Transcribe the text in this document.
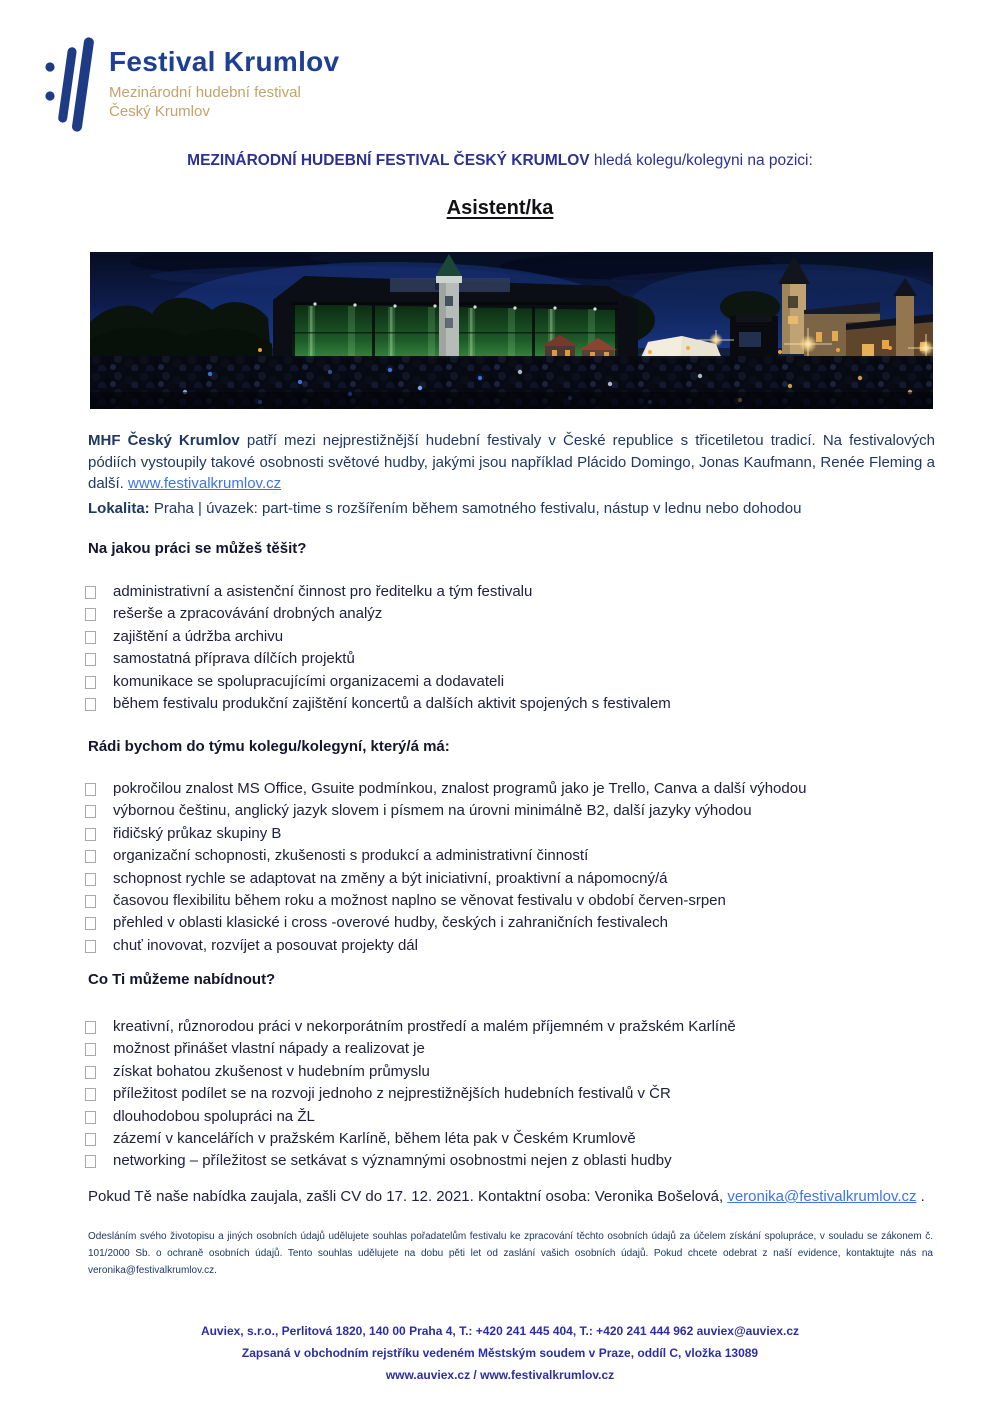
Festival Krumlov
Mezinárodní hudební festival
Český Krumlov
MEZINÁRODNÍ HUDEBNÍ FESTIVAL ČESKÝ KRUMLOV hledá kolegu/kolegyni na pozici:
Asistent/ka
MHF Český Krumlov patří mezi nejprestižnější hudební festivaly v České republice s třicetiletou tradicí. Na festivalových pódiích vystoupily takové osobnosti světové hudby, jakými jsou například Plácido Domingo, Jonas Kaufmann, Renée Fleming a další. www.festivalkrumlov.cz
Lokalita: Praha | úvazek: part-time s rozšířením během samotného festivalu, nástup v lednu nebo dohodou
Na jakou práci se můžeš těšit?
administrativní a asistenční činnost pro ředitelku a tým festivalu
rešerše a zpracovávání drobných analýz
zajištění a údržba archivu
samostatná příprava dílčích projektů
komunikace se spolupracujícími organizacemi a dodavateli
během festivalu produkční zajištění koncertů a dalších aktivit spojených s festivalem
Rádi bychom do týmu kolegu/kolegyní, který/á má:
pokročilou znalost MS Office, Gsuite podmínkou, znalost programů jako je Trello, Canva a další výhodou
výbornou češtinu, anglický jazyk slovem i písmem na úrovni minimálně B2, další jazyky výhodou
řidičský průkaz skupiny B
organizační schopnosti, zkušenosti s produkcí a administrativní činností
schopnost rychle se adaptovat na změny a být iniciativní, proaktivní a nápomocný/á
časovou flexibilitu během roku a možnost naplno se věnovat festivalu v období červen-srpen
přehled v oblasti klasické i cross -overové hudby, českých i zahraničních festivalech
chuť inovovat, rozvíjet a posouvat projekty dál
Co Ti můžeme nabídnout?
kreativní, různorodou práci v nekorporátním prostředí a malém příjemném v pražském Karlíně
možnost přinášet vlastní nápady a realizovat je
získat bohatou zkušenost v hudebním průmyslu
příležitost podílet se na rozvoji jednoho z nejprestižnějších hudebních festivalů v ČR
dlouhodobou spolupráci na ŽL
zázemí v kancelářích v pražském Karlíně, během léta pak v Českém Krumlově
networking – příležitost se setkávat s významnými osobnostmi nejen z oblasti hudby
Pokud Tě naše nabídka zaujala, zašli CV do 17. 12. 2021. Kontaktní osoba: Veronika Bošelová, veronika@festivalkrumlov.cz .
Odesláním svého životopisu a jiných osobních údajů udělujete souhlas pořadatelům festivalu ke zpracování těchto osobních údajů za účelem získání spolupráce, v souladu se zákonem č. 101/2000 Sb. o ochraně osobních údajů. Tento souhlas udělujete na dobu pěti let od zaslání vašich osobních údajů. Pokud chcete odebrat z naší evidence, kontaktujte nás na veronika@festivalkrumlov.cz.
Auviex, s.r.o., Perlitová 1820, 140 00 Praha 4, T.: +420 241 445 404, T.: +420 241 444 962 auviex@auviex.cz
Zapsaná v obchodním rejstříku vedeném Městským soudem v Praze, oddíl C, vložka 13089
www.auviex.cz / www.festivalkrumlov.cz
